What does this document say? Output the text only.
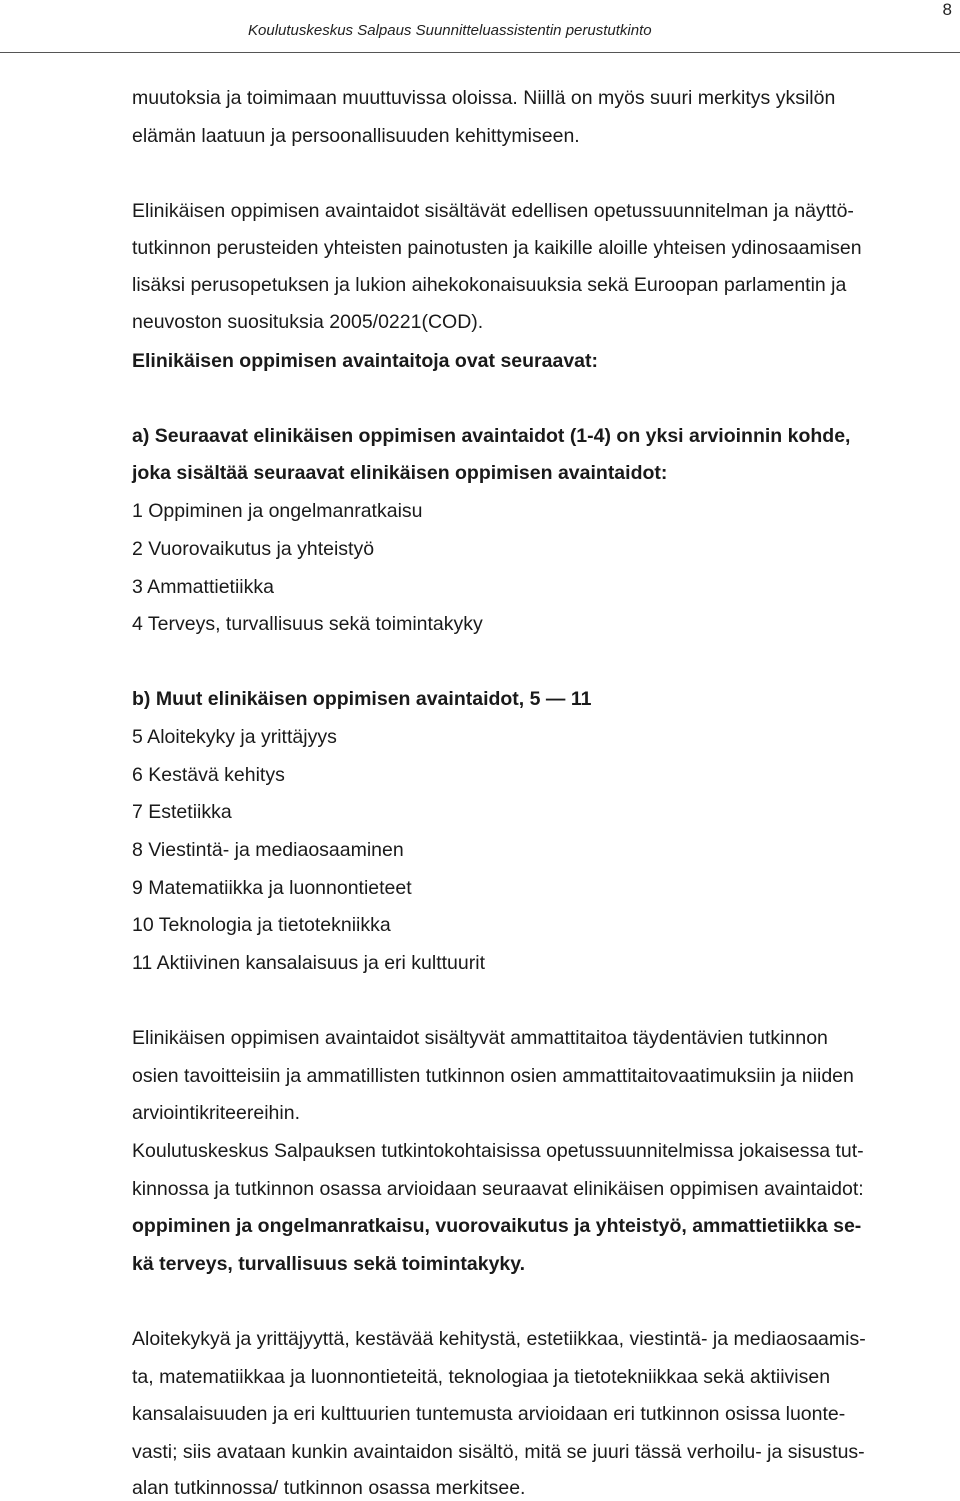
Koulutuskeskus Salpaus Suunnitteluassistentin perustutkinto
8
muutoksia ja toimimaan muuttuvissa oloissa. Niillä on myös suuri merkitys yksilön
elämän laatuun ja persoonallisuuden kehittymiseen.
Elinikäisen oppimisen avaintaidot sisältävät edellisen opetussuunnitelman ja näyttö-
tutkinnon perusteiden yhteisten painotusten ja kaikille aloille yhteisen ydinosaamisen
lisäksi perusopetuksen ja lukion aihekokonaisuuksia sekä Euroopan parlamentin ja
neuvoston suosituksia 2005/0221(COD).
Elinikäisen oppimisen avaintaitoja ovat seuraavat:
a) Seuraavat elinikäisen oppimisen avaintaidot (1-4) on yksi arvioinnin kohde,
joka sisältää seuraavat elinikäisen oppimisen avaintaidot:
1 Oppiminen ja ongelmanratkaisu
2 Vuorovaikutus ja yhteistyö
3 Ammattietiikka
4 Terveys, turvallisuus sekä toimintakyky
b) Muut elinikäisen oppimisen avaintaidot, 5 — 11
5 Aloitekyky ja yrittäjyys
6 Kestävä kehitys
7 Estetiikka
8 Viestintä- ja mediaosaaminen
9 Matematiikka ja luonnontieteet
10 Teknologia ja tietotekniikka
11 Aktiivinen kansalaisuus ja eri kulttuurit
Elinikäisen oppimisen avaintaidot sisältyvät ammattitaitoa täydentävien tutkinnon
osien tavoitteisiin ja ammatillisten tutkinnon osien ammattitaitovaatimuksiin ja niiden
arviointikriteereihin.
Koulutuskeskus Salpauksen tutkintokohtaisissa opetussuunnitelmissa jokaisessa tut-
kinnossa ja tutkinnon osassa arvioidaan seuraavat elinikäisen oppimisen avaintaidot:
oppiminen ja ongelmanratkaisu, vuorovaikutus ja yhteistyö, ammattietiikka se-
kä terveys, turvallisuus sekä toimintakyky.
Aloitekykyä ja yrittäjyyttä, kestävää kehitystä, estetiikkaa, viestintä- ja mediaosaamis-
ta, matematiikkaa ja luonnontieteitä, teknologiaa ja tietotekniikkaa sekä aktiivisen
kansalaisuuden ja eri kulttuurien tuntemusta arvioidaan eri tutkinnon osissa luonte-
vasti; siis avataan kunkin avaintaidon sisältö, mitä se juuri tässä verhoilu- ja sisustus-
alan tutkinnossa/ tutkinnon osassa merkitsee.
